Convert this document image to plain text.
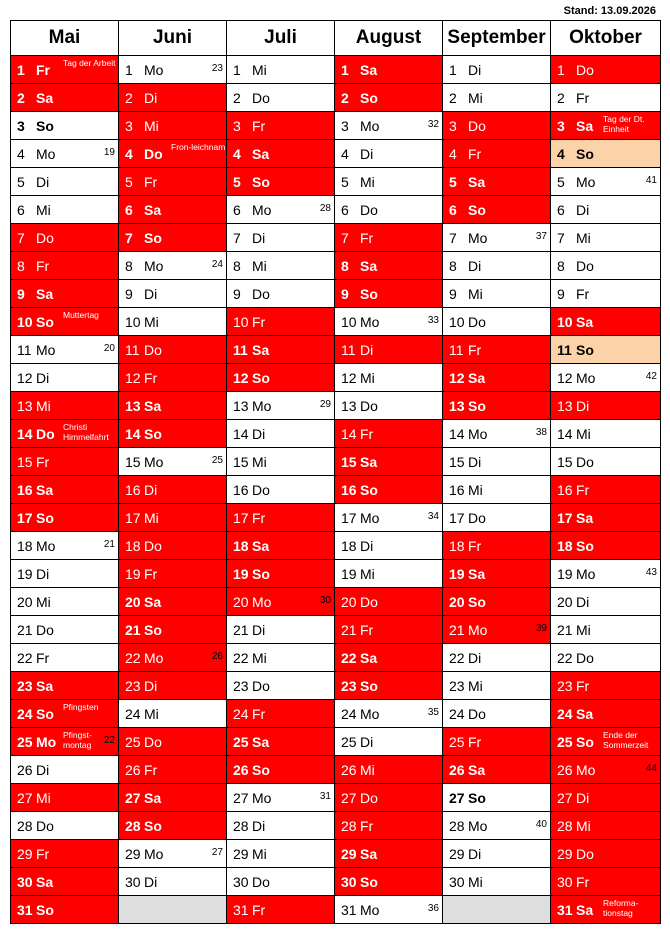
Stand: 13.09.2026
Mai	Juni	Juli	August	September	Oktober

1 Fr Tag der Arbeit	1 Mo 23	1 Mi	1 Sa	1 Di	1 Do

2 Sa	2 Di	2 Do	2 So	2 Mi	2 Fr

3 So	3 Mi	3 Fr	3 Mo 32	3 Do	3 Sa Tag der Dt. Einheit

4 Mo 19	4 Do Fron-leichnam	4 Sa	4 Di	4 Fr	4 So

5 Di	5 Fr	5 So	5 Mi	5 Sa	5 Mo 41

6 Mi	6 Sa	6 Mo 28	6 Do	6 So	6 Di

7 Do	7 So	7 Di	7 Fr	7 Mo 37	7 Mi

8 Fr	8 Mo 24	8 Mi	8 Sa	8 Di	8 Do

9 Sa	9 Di	9 Do	9 So	9 Mi	9 Fr

10 So Muttertag	10 Mi	10 Fr	10 Mo 33	10 Do	10 Sa

11 Mo 20	11 Do	11 Sa	11 Di	11 Fr	11 So

12 Di	12 Fr	12 So	12 Mi	12 Sa	12 Mo 42

13 Mi	13 Sa	13 Mo 29	13 Do	13 So	13 Di

14 Do Christi Himmelfahrt	14 So	14 Di	14 Fr	14 Mo 38	14 Mi

15 Fr	15 Mo 25	15 Mi	15 Sa	15 Di	15 Do

16 Sa	16 Di	16 Do	16 So	16 Mi	16 Fr

17 So	17 Mi	17 Fr	17 Mo 34	17 Do	17 Sa

18 Mo 21	18 Do	18 Sa	18 Di	18 Fr	18 So

19 Di	19 Fr	19 So	19 Mi	19 Sa	19 Mo 43

20 Mi	20 Sa	20 Mo 30	20 Do	20 So	20 Di

21 Do	21 So	21 Di	21 Fr	21 Mo 39	21 Mi

22 Fr	22 Mo 26	22 Mi	22 Sa	22 Di	22 Do

23 Sa	23 Di	23 Do	23 So	23 Mi	23 Fr

24 So Pfingsten	24 Mi	24 Fr	24 Mo 35	24 Do	24 Sa

25 Mo Pfingst-montag 22	25 Do	25 Sa	25 Di	25 Fr	25 So Ende der Sommerzeit

26 Di	26 Fr	26 So	26 Mi	26 Sa	26 Mo 44

27 Mi	27 Sa	27 Mo 31	27 Do	27 So	27 Di

28 Do	28 So	28 Di	28 Fr	28 Mo 40	28 Mi

29 Fr	29 Mo 27	29 Mi	29 Sa	29 Di	29 Do

30 Sa	30 Di	30 Do	30 So	30 Mi	30 Fr

31 So		31 Fr	31 Mo 36		31 Sa Reforma-tionstag
